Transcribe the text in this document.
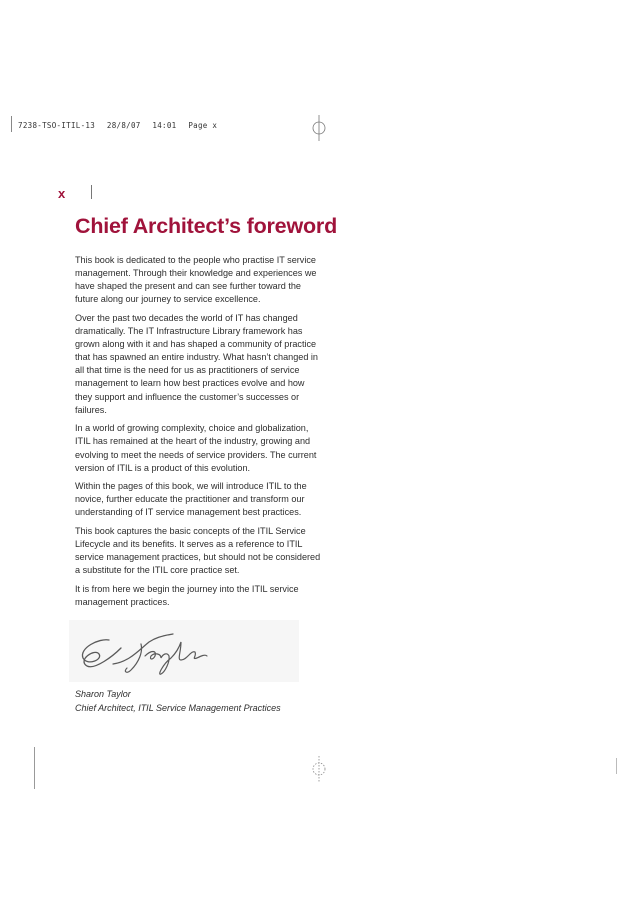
7238-TSO-ITIL-13 28/8/07 14:01 Page x
x
Chief Architect’s foreword

This book is dedicated to the people who practise IT service management. Through their knowledge and experiences we have shaped the present and can see further toward the future along our journey to service excellence.

Over the past two decades the world of IT has changed dramatically. The IT Infrastructure Library framework has grown along with it and has shaped a community of practice that has spawned an entire industry. What hasn’t changed in all that time is the need for us as practitioners of service management to learn how best practices evolve and how they support and influence the customer’s successes or failures.

In a world of growing complexity, choice and globalization, ITIL has remained at the heart of the industry, growing and evolving to meet the needs of service providers. The current version of ITIL is a product of this evolution.

Within the pages of this book, we will introduce ITIL to the novice, further educate the practitioner and transform our understanding of IT service management best practices.

This book captures the basic concepts of the ITIL Service Lifecycle and its benefits. It serves as a reference to ITIL service management practices, but should not be considered a substitute for the ITIL core practice set.

It is from here we begin the journey into the ITIL service management practices.

Sharon Taylor
Chief Architect, ITIL Service Management Practices
